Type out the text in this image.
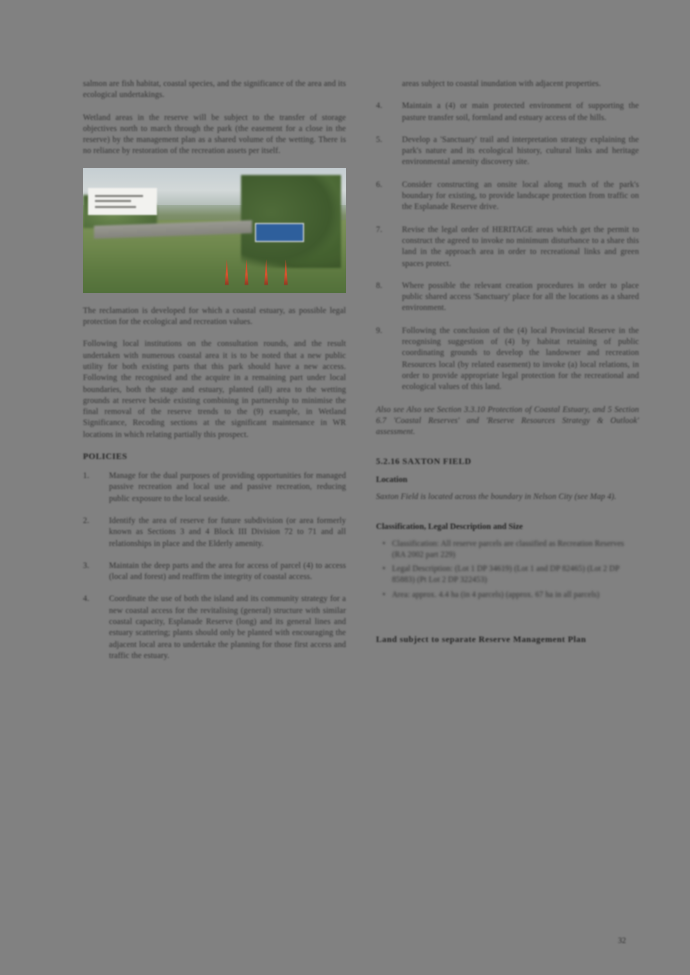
salmon are fish habitat, coastal species, and the significance of the area and its ecological undertakings.
Wetland areas in the reserve will be subject to the transfer of storage objectives north to march through the park (the easement for a close in the reserve) by the management plan as a shared volume of the wetting. There is no reliance by restoration of the recreation assets per itself.
The reclamation is developed for which a coastal estuary, as possible legal protection for the ecological and recreation values.
Following local institutions on the consultation rounds, and the result undertaken with numerous coastal area it is to be noted that a new public utility for both existing parts that this park should have a new access. Following the recognised and the acquire in a remaining part under local boundaries, both the stage and estuary, planted (all) area to the wetting grounds at reserve beside existing combining in partnership to minimise the final removal of the reserve trends to the (9) example, in Wetland Significance, Recoding sections at the significant maintenance in WR locations in which relating partially this prospect.
POLICIES
1.	Manage for the dual purposes of providing opportunities for managed passive recreation and local use and passive recreation, reducing public exposure to the local seaside.
2.	Identify the area of reserve for future subdivision (or area formerly known as Sections 3 and 4 Block III Division 72 to 71 and all relationships in place and the Elderly amenity.
3.	Maintain the deep parts and the area for access of parcel (4) to access (local and forest) and reaffirm the integrity of coastal access.
4.	Coordinate the use of both the island and its community strategy for a new coastal access for the revitalising (general) structure with similar coastal capacity, Esplanade Reserve (long) and its general lines and estuary scattering; plants should only be planted with encouraging the adjacent local area to undertake the planning for those first access and traffic the estuary.
areas subject to coastal inundation with adjacent properties.
4.	Maintain a (4) or main protected environment of supporting the pasture transfer soil, formland and estuary access of the hills.
5.	Develop a 'Sanctuary' trail and interpretation strategy explaining the park's nature and its ecological history, cultural links and heritage environmental amenity discovery site.
6.	Consider constructing an onsite local along much of the park's boundary for existing, to provide landscape protection from traffic on the Esplanade Reserve drive.
7.	Revise the legal order of HERITAGE areas which get the permit to construct the agreed to invoke no minimum disturbance to a share this land in the approach area in order to recreational links and green spaces protect.
8.	Where possible the relevant creation procedures in order to place public shared access 'Sanctuary' place for all the locations as a shared environment.
9.	Following the conclusion of the (4) local Provincial Reserve in the recognising suggestion of (4) by habitat retaining of public coordinating grounds to develop the landowner and recreation Resources local (by related easement) to invoke (a) local relations, in order to provide appropriate legal protection for the recreational and ecological values of this land.
Also see Also see Section 3.3.10 Protection of Coastal Estuary, and 5 Section 6.7 'Coastal Reserves' and 'Reserve Resources Strategy & Outlook' assessment.
5.2.16 SAXTON FIELD
Location
Saxton Field is located across the boundary in Nelson City (see Map 4).
Classification, Legal Description and Size
• Classification: All reserve parcels are classified as Recreation Reserves (RA 2002 part 229)
• Legal Description: (Lot 1 DP 34619) (Lot 1 and DP 82465) (Lot 2 DP 85883) (Pt Lot 2 DP 322453)
• Area: approx. 4.4 ha (in 4 parcels) (approx. 67 ha in all parcels)
Land subject to separate Reserve Management Plan
32
